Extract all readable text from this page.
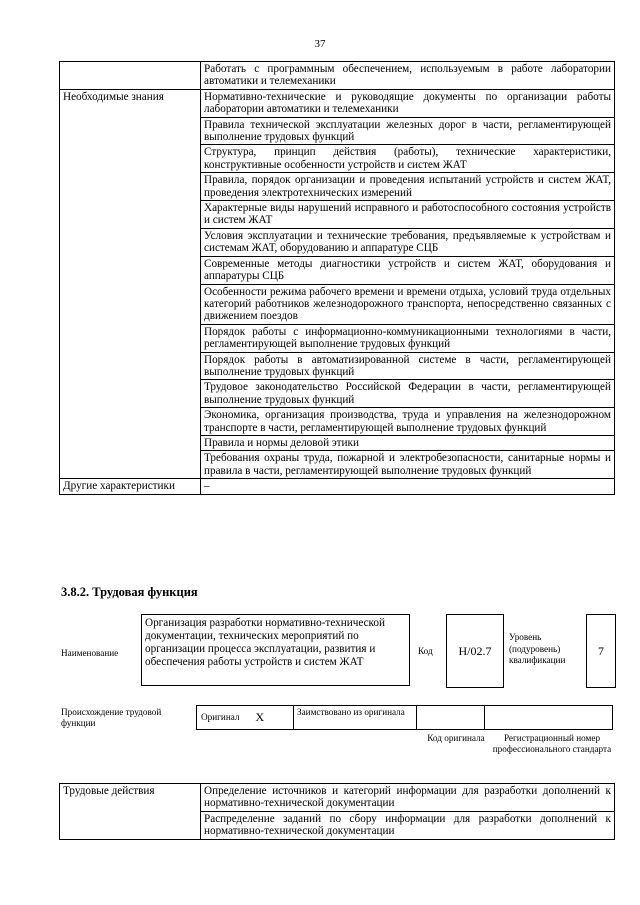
37
	Работать с программным обеспечением, используемым в работе лаборатории автоматики и телемеханики
Необходимые знания	Нормативно-технические и руководящие документы по организации работы лаборатории автоматики и телемеханики
	Правила технической эксплуатации железных дорог в части, регламентирующей выполнение трудовых функций
	Структура, принцип действия (работы), технические характеристики, конструктивные особенности устройств и систем ЖАТ
	Правила, порядок организации и проведения испытаний устройств и систем ЖАТ, проведения электротехнических измерений
	Характерные виды нарушений исправного и работоспособного состояния устройств и систем ЖАТ
	Условия эксплуатации и технические требования, предъявляемые к устройствам и системам ЖАТ, оборудованию и аппаратуре СЦБ
	Современные методы диагностики устройств и систем ЖАТ, оборудования и аппаратуры СЦБ
	Особенности режима рабочего времени и времени отдыха, условий труда отдельных категорий работников железнодорожного транспорта, непосредственно связанных с движением поездов
	Порядок работы с информационно-коммуникационными технологиями в части, регламентирующей выполнение трудовых функций
	Порядок работы в автоматизированной системе в части, регламентирующей выполнение трудовых функций
	Трудовое законодательство Российской Федерации в части, регламентирующей выполнение трудовых функций
	Экономика, организация производства, труда и управления на железнодорожном транспорте в части, регламентирующей выполнение трудовых функций
	Правила и нормы деловой этики
	Требования охраны труда, пожарной и электробезопасности, санитарные нормы и правила в части, регламентирующей выполнение трудовых функций
Другие характеристики	–
3.8.2. Трудовая функция
Наименование
Организация разработки нормативно-технической документации, технических мероприятий по организации процесса эксплуатации, развития и обеспечения работы устройств и систем ЖАТ
Код	H/02.7
Уровень (подуровень) квалификации
7
Происхождение трудовой функции
Оригинал X	Заимствовано из оригинала
Код оригинала	Регистрационный номер профессионального стандарта
Трудовые действия	Определение источников и категорий информации для разработки дополнений к нормативно-технической документации
Распределение заданий по сбору информации для разработки дополнений к нормативно-технической документации
